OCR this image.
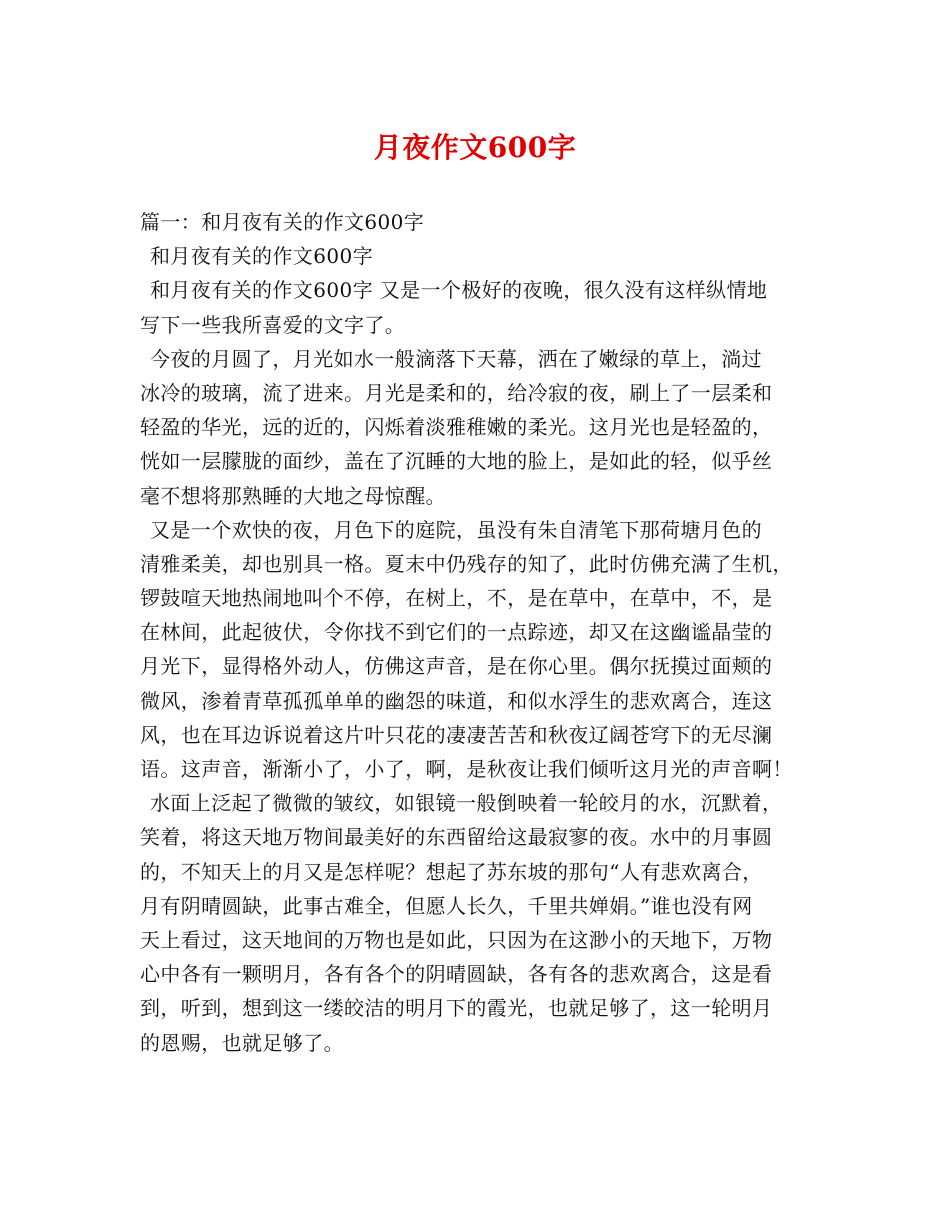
月夜作文600字
篇一：和月夜有关的作文600字
和月夜有关的作文600字
和月夜有关的作文600字 又是一个极好的夜晚，很久没有这样纵情地
写下一些我所喜爱的文字了。
今夜的月圆了，月光如水一般滴落下天幕，洒在了嫩绿的草上，淌过
冰冷的玻璃，流了进来。月光是柔和的，给冷寂的夜，刷上了一层柔和
轻盈的华光，远的近的，闪烁着淡雅稚嫩的柔光。这月光也是轻盈的，
恍如一层朦胧的面纱，盖在了沉睡的大地的脸上，是如此的轻，似乎丝
毫不想将那熟睡的大地之母惊醒。
又是一个欢快的夜，月色下的庭院，虽没有朱自清笔下那荷塘月色的
清雅柔美，却也别具一格。夏末中仍残存的知了，此时仿佛充满了生机，
锣鼓喧天地热闹地叫个不停，在树上，不，是在草中，在草中，不，是
在林间，此起彼伏，令你找不到它们的一点踪迹，却又在这幽谧晶莹的
月光下，显得格外动人，仿佛这声音，是在你心里。偶尔抚摸过面颊的
微风，渗着青草孤孤单单的幽怨的味道，和似水浮生的悲欢离合，连这
风，也在耳边诉说着这片叶只花的凄凄苦苦和秋夜辽阔苍穹下的无尽澜
语。这声音，渐渐小了，小了，啊，是秋夜让我们倾听这月光的声音啊！
水面上泛起了微微的皱纹，如银镜一般倒映着一轮皎月的水，沉默着，
笑着，将这天地万物间最美好的东西留给这最寂寥的夜。水中的月事圆
的，不知天上的月又是怎样呢？想起了苏东坡的那句“人有悲欢离合，
月有阴晴圆缺，此事古难全，但愿人长久，千里共婵娟。”谁也没有网
天上看过，这天地间的万物也是如此，只因为在这渺小的天地下，万物
心中各有一颗明月，各有各个的阴晴圆缺，各有各的悲欢离合，这是看
到，听到，想到这一缕皎洁的明月下的霞光，也就足够了，这一轮明月
的恩赐，也就足够了。
